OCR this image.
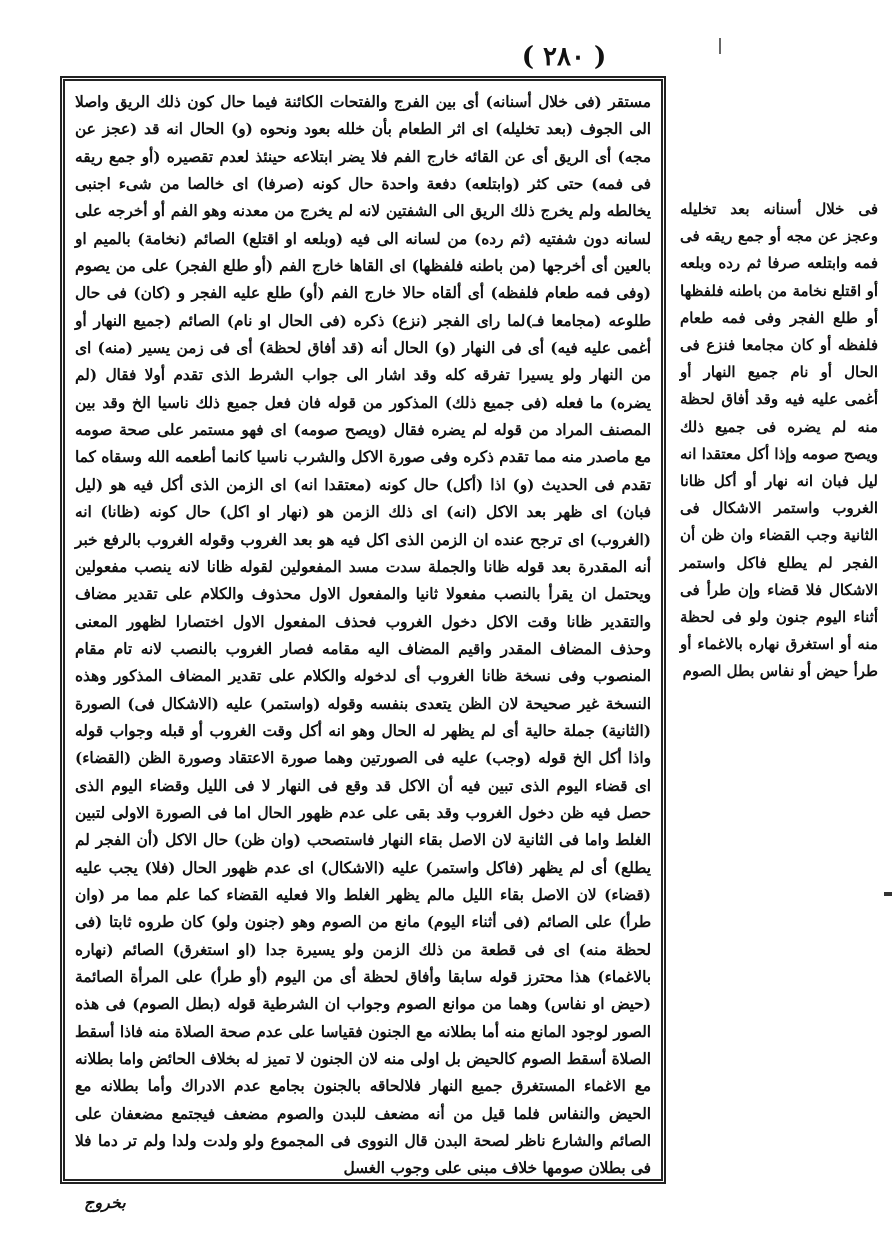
( ٢٨٠ )

مستقر (فى خلال أسنانه) أى بين الفرج والفتحات الكائنة فيما حال كون ذلك الريق واصلا الى الجوف (بعد تخليله) اى اثر الطعام بأن خلله بعود ونحوه (و) الحال انه قد (عجز عن مجه) أى الريق أى عن القائه خارج الفم فلا يضر ابتلاعه حينئذ لعدم تقصيره (أو جمع ريقه فى فمه) حتى كثر (وابتلعه) دفعة واحدة حال كونه (صرفا) اى خالصا من شىء اجنبى يخالطه ولم يخرج ذلك الريق الى الشفتين لانه لم يخرج من معدنه وهو الفم أو أخرجه على لسانه دون شفتيه (ثم رده) من لسانه الى فيه (وبلعه او اقتلع) الصائم (نخامة) بالميم او بالعين أى أخرجها (من باطنه فلفظها) اى القاها خارج الفم (أو طلع الفجر) على من يصوم (وفى فمه طعام فلفظه) أى ألقاه حالا خارج الفم (أو) طلع عليه الفجر و (كان) فى حال طلوعه (مجامعا فـ)لما راى الفجر (نزع) ذكره (فى الحال او نام) الصائم (جميع النهار أو أغمى عليه فيه) أى فى النهار (و) الحال أنه (قد أفاق لحظة) أى فى زمن يسير (منه) اى من النهار ولو يسيرا تفرقه كله وقد اشار الى جواب الشرط الذى تقدم أولا فقال (لم يضره) ما فعله (فى جميع ذلك) المذكور من قوله فان فعل جميع ذلك ناسيا الخ وقد بين المصنف المراد من قوله لم يضره فقال (ويصح صومه) اى فهو مستمر على صحة صومه مع ماصدر منه مما تقدم ذكره وفى صورة الاكل والشرب ناسيا كانما أطعمه الله وسقاه كما تقدم فى الحديث (و) اذا (أكل) حال كونه (معتقدا انه) اى الزمن الذى أكل فيه هو (ليل فبان) اى ظهر بعد الاكل (انه) اى ذلك الزمن هو (نهار او اكل) حال كونه (ظانا) انه (الغروب) اى ترجح عنده ان الزمن الذى اكل فيه هو بعد الغروب وقوله الغروب بالرفع خبر أنه المقدرة بعد قوله ظانا والجملة سدت مسد المفعولين لقوله ظانا لانه ينصب مفعولين ويحتمل ان يقرأ بالنصب مفعولا ثانيا والمفعول الاول محذوف والكلام على تقدير مضاف والتقدير ظانا وقت الاكل دخول الغروب فحذف المفعول الاول اختصارا لظهور المعنى وحذف المضاف المقدر واقيم المضاف اليه مقامه فصار الغروب بالنصب لانه تام مقام المنصوب وفى نسخة ظانا الغروب أى لدخوله والكلام على تقدير المضاف المذكور وهذه النسخة غير صحيحة لان الظن يتعدى بنفسه وقوله (واستمر) عليه (الاشكال فى) الصورة (الثانية) جملة حالية أى لم يظهر له الحال وهو انه أكل وقت الغروب أو قبله وجواب قوله واذا أكل الخ قوله (وجب) عليه فى الصورتين وهما صورة الاعتقاد وصورة الظن (القضاء) اى قضاء اليوم الذى تبين فيه أن الاكل قد وقع فى النهار لا فى الليل وقضاء اليوم الذى حصل فيه ظن دخول الغروب وقد بقى على عدم ظهور الحال اما فى الصورة الاولى لتبين الغلط واما فى الثانية لان الاصل بقاء النهار فاستصحب (وان ظن) حال الاكل (أن الفجر لم يطلع) أى لم يظهر (فاكل واستمر) عليه (الاشكال) اى عدم ظهور الحال (فلا) يجب عليه (قضاء) لان الاصل بقاء الليل مالم يظهر الغلط والا فعليه القضاء كما علم مما مر (وان طرأ) على الصائم (فى أثناء اليوم) مانع من الصوم وهو (جنون ولو) كان طروه ثابتا (فى لحظة منه) اى فى قطعة من ذلك الزمن ولو يسيرة جدا (او استغرق) الصائم (نهاره بالاغماء) هذا محترز قوله سابقا وأفاق لحظة أى من اليوم (أو طرأ) على المرأة الصائمة (حيض او نفاس) وهما من موانع الصوم وجواب ان الشرطية قوله (بطل الصوم) فى هذه الصور لوجود المانع منه أما بطلانه مع الجنون فقياسا على عدم صحة الصلاة منه فاذا أسقط الصلاة أسقط الصوم كالحيض بل اولى منه لان الجنون لا تميز له بخلاف الحائض واما بطلانه مع الاغماء المستغرق جميع النهار فلالحاقه بالجنون بجامع عدم الادراك وأما بطلانه مع الحيض والنفاس فلما قيل من أنه مضعف للبدن والصوم مضعف فيجتمع مضعفان على الصائم والشارع ناظر لصحة البدن قال النووى فى المجموع ولو ولدت ولدا ولم تر دما فلا فى بطلان صومها خلاف مبنى على وجوب الغسل

فى خلال أسنانه بعد تخليله وعجز عن مجه أو جمع ريقه فى فمه وابتلعه صرفا ثم رده وبلعه أو اقتلع نخامة من باطنه فلفظها أو طلع الفجر وفى فمه طعام فلفظه أو كان مجامعا فنزع فى الحال أو نام جميع النهار أو أغمى عليه فيه وقد أفاق لحظة منه لم يضره فى جميع ذلك ويصح صومه وإذا أكل معتقدا انه ليل فبان انه نهار أو أكل ظانا الغروب واستمر الاشكال فى الثانية وجب القضاء وان ظن أن الفجر لم يطلع فاكل واستمر الاشكال فلا قضاء وإن طرأ فى أثناء اليوم جنون ولو فى لحظة منه أو استغرق نهاره بالاغماء أو طرأ حيض أو نفاس بطل الصوم

بخروج
